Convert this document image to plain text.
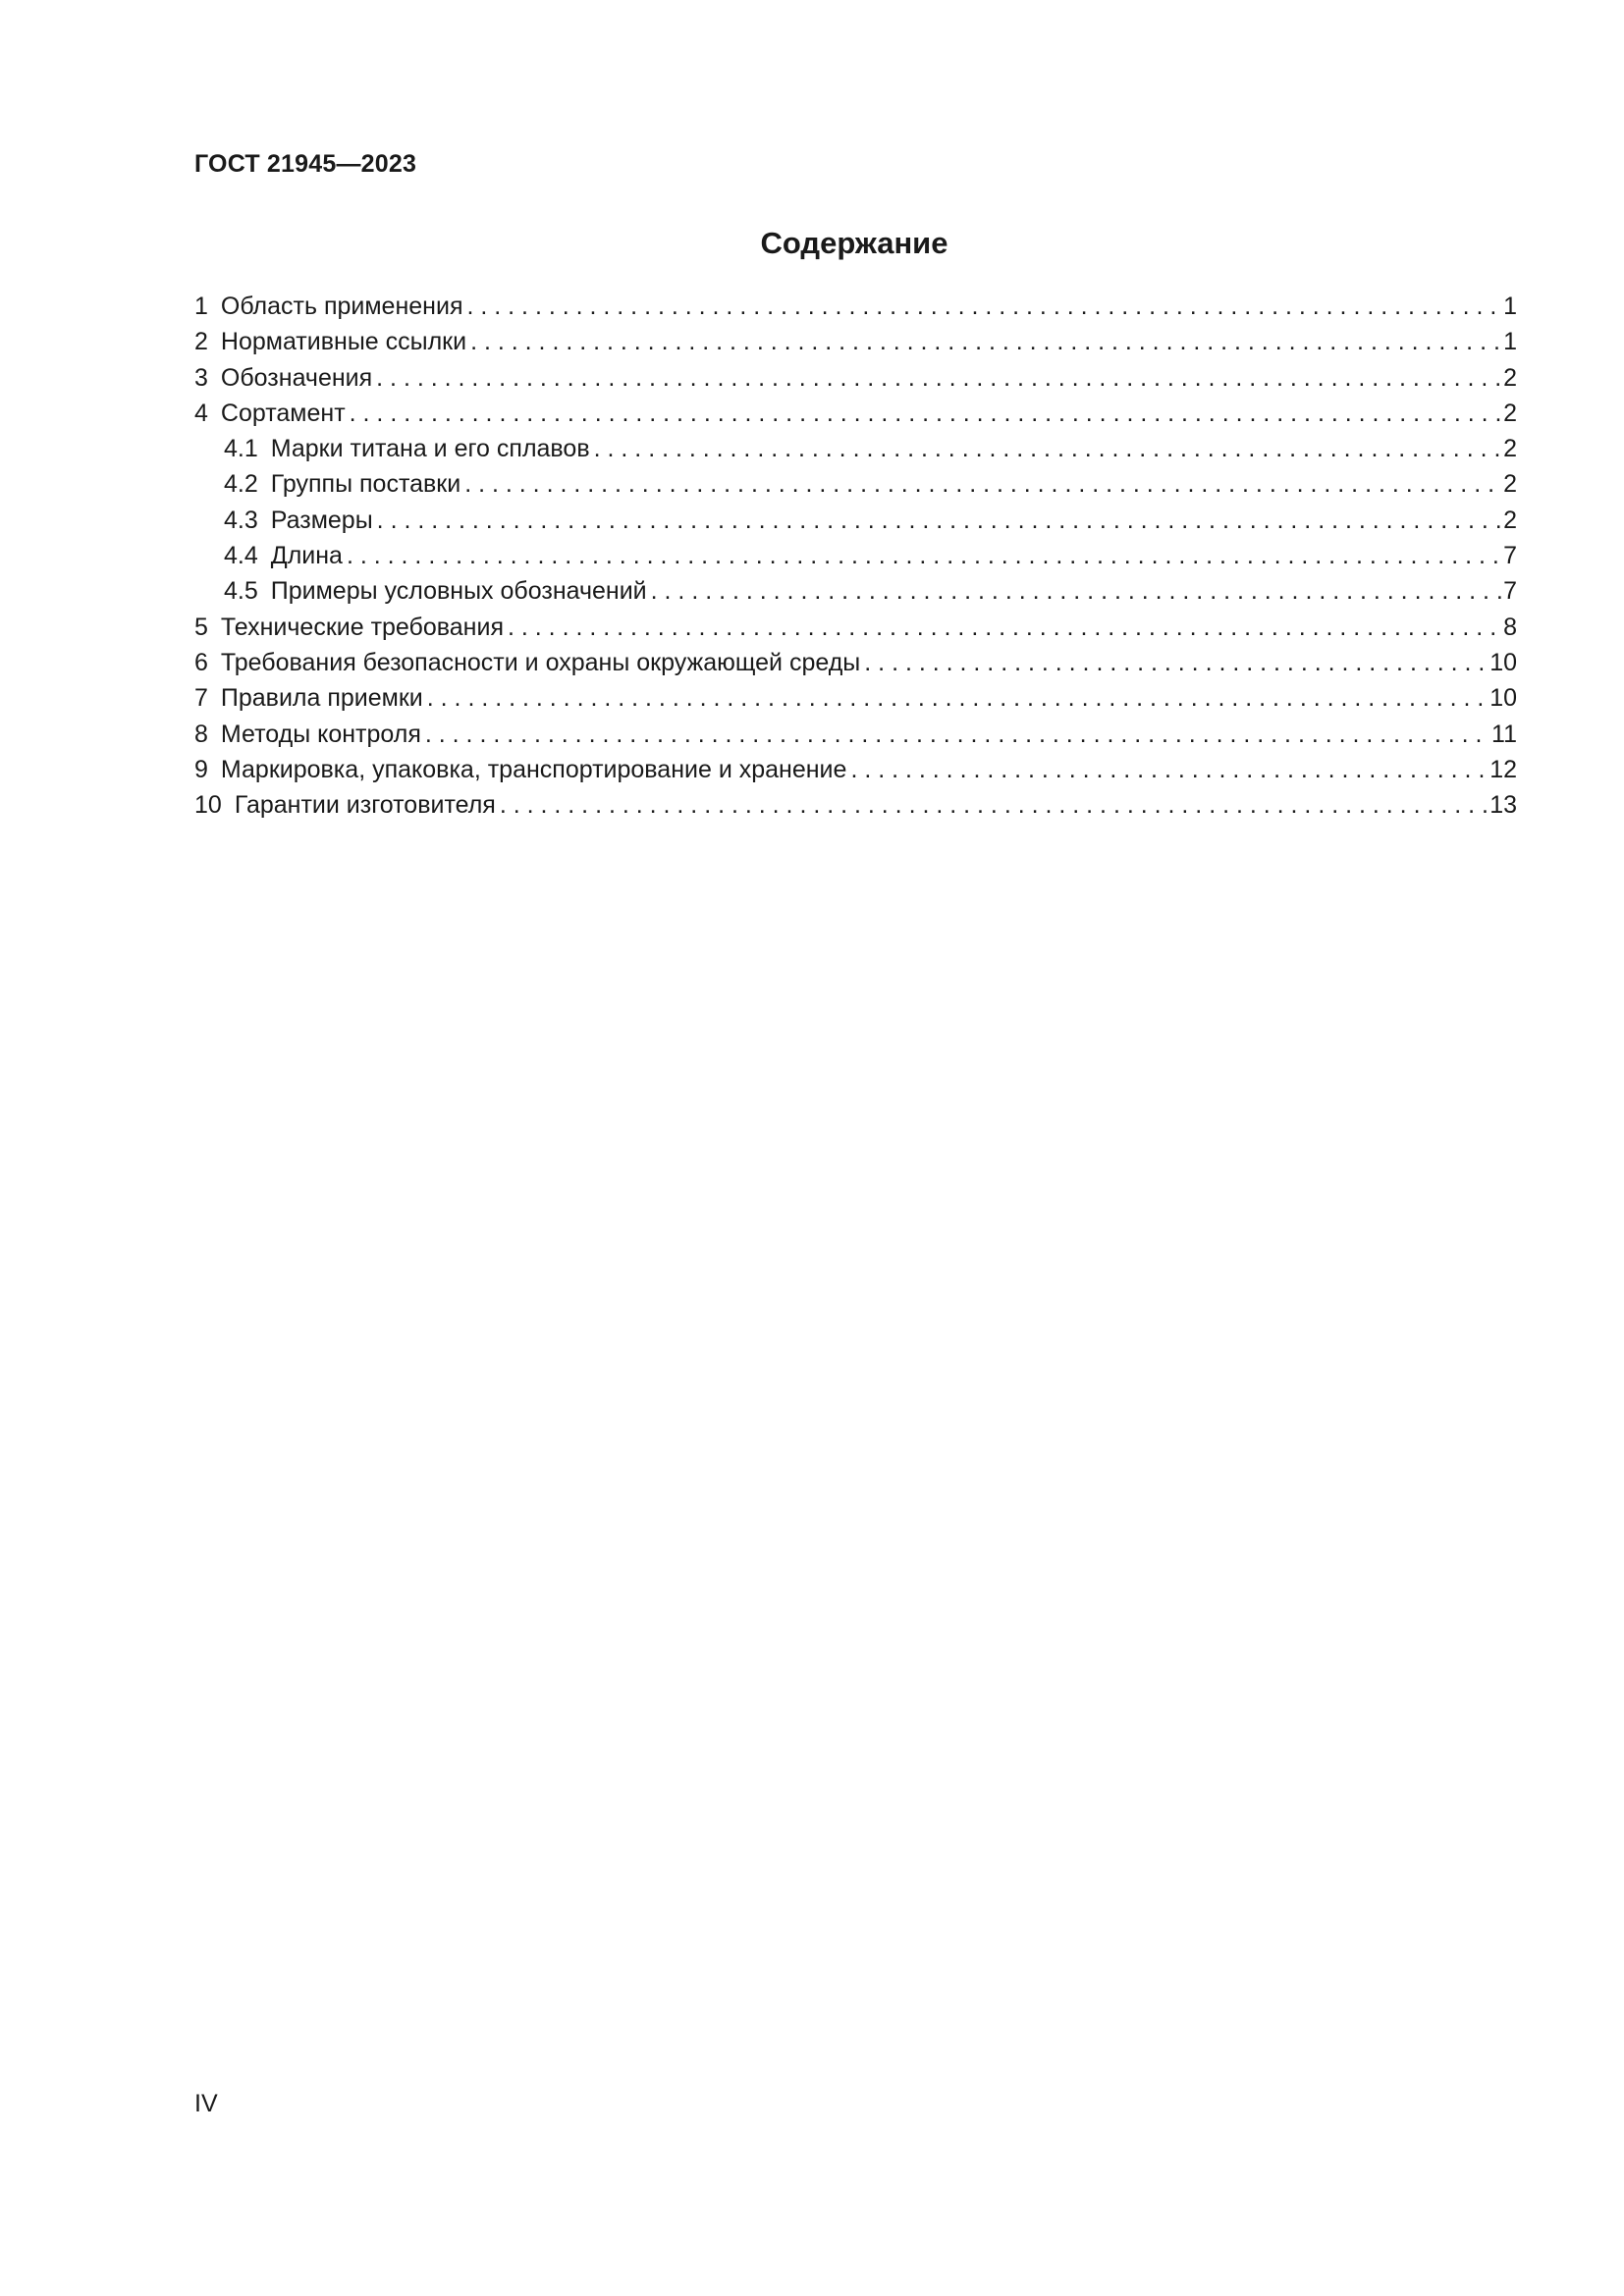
ГОСТ 21945—2023
Содержание
1 Область применения . . .	1
2 Нормативные ссылки . . .	1
3 Обозначения . . .	2
4 Сортамент . . .	2
4.1 Марки титана и его сплавов . . .	2
4.2 Группы поставки . . .	2
4.3 Размеры . . .	2
4.4 Длина . . .	7
4.5 Примеры условных обозначений . . .	7
5 Технические требования . . .	8
6 Требования безопасности и охраны окружающей среды . . .	10
7 Правила приемки . . .	10
8 Методы контроля . . .	11
9 Маркировка, упаковка, транспортирование и хранение . . .	12
10 Гарантии изготовителя . . .	13
IV
